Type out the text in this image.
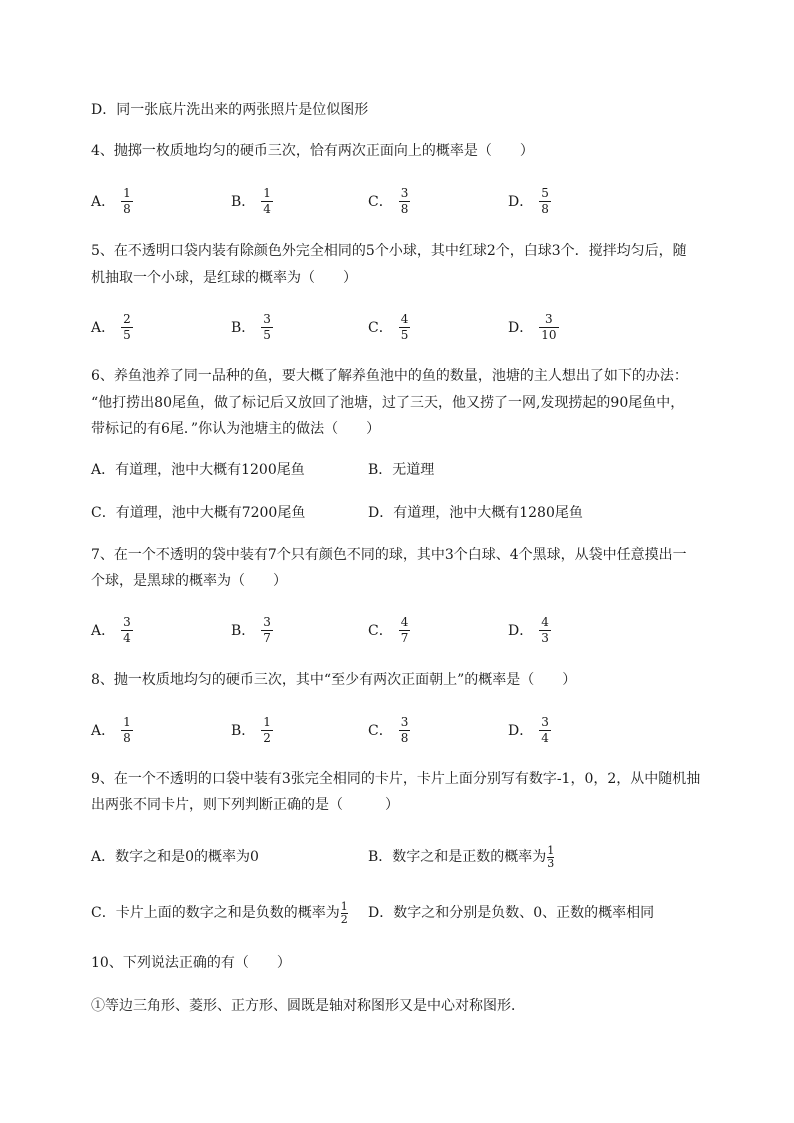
D．同一张底片洗出来的两张照片是位似图形
4、抛掷一枚质地均匀的硬币三次，恰有两次正面向上的概率是（　　）
A． $\frac{1}{8}$	B． $\frac{1}{4}$	C． $\frac{3}{8}$	D． $\frac{5}{8}$
5、在不透明口袋内装有除颜色外完全相同的5个小球，其中红球2个，白球3个．搅拌均匀后，随
机抽取一个小球，是红球的概率为（　　）
A． $\frac{2}{5}$	B． $\frac{3}{5}$	C． $\frac{4}{5}$	D． $\frac{3}{10}$
6、养鱼池养了同一品种的鱼，要大概了解养鱼池中的鱼的数量，池塘的主人想出了如下的办法：
“他打捞出80尾鱼，做了标记后又放回了池塘，过了三天，他又捞了一网,发现捞起的90尾鱼中，
带标记的有6尾．”你认为池塘主的做法（　　）
A．有道理，池中大概有1200尾鱼	B．无道理
C．有道理，池中大概有7200尾鱼	D．有道理，池中大概有1280尾鱼
7、在一个不透明的袋中装有7个只有颜色不同的球，其中3个白球、4个黑球，从袋中任意摸出一
个球，是黑球的概率为（　　）
A． $\frac{3}{4}$	B． $\frac{3}{7}$	C． $\frac{4}{7}$	D． $\frac{4}{3}$
8、抛一枚质地均匀的硬币三次，其中“至少有两次正面朝上”的概率是（　　）
A． $\frac{1}{8}$	B． $\frac{1}{2}$	C． $\frac{3}{8}$	D． $\frac{3}{4}$
9、在一个不透明的口袋中装有3张完全相同的卡片，卡片上面分别写有数字-1，0，2，从中随机抽
出两张不同卡片，则下列判断正确的是（　　　）
A．数字之和是0的概率为0	B．数字之和是正数的概率为 $\frac{1}{3}$
C．卡片上面的数字之和是负数的概率为 $\frac{1}{2}$ D．数字之和分别是负数、0、正数的概率相同
10、下列说法正确的有（　　）
①等边三角形、菱形、正方形、圆既是轴对称图形又是中心对称图形．
